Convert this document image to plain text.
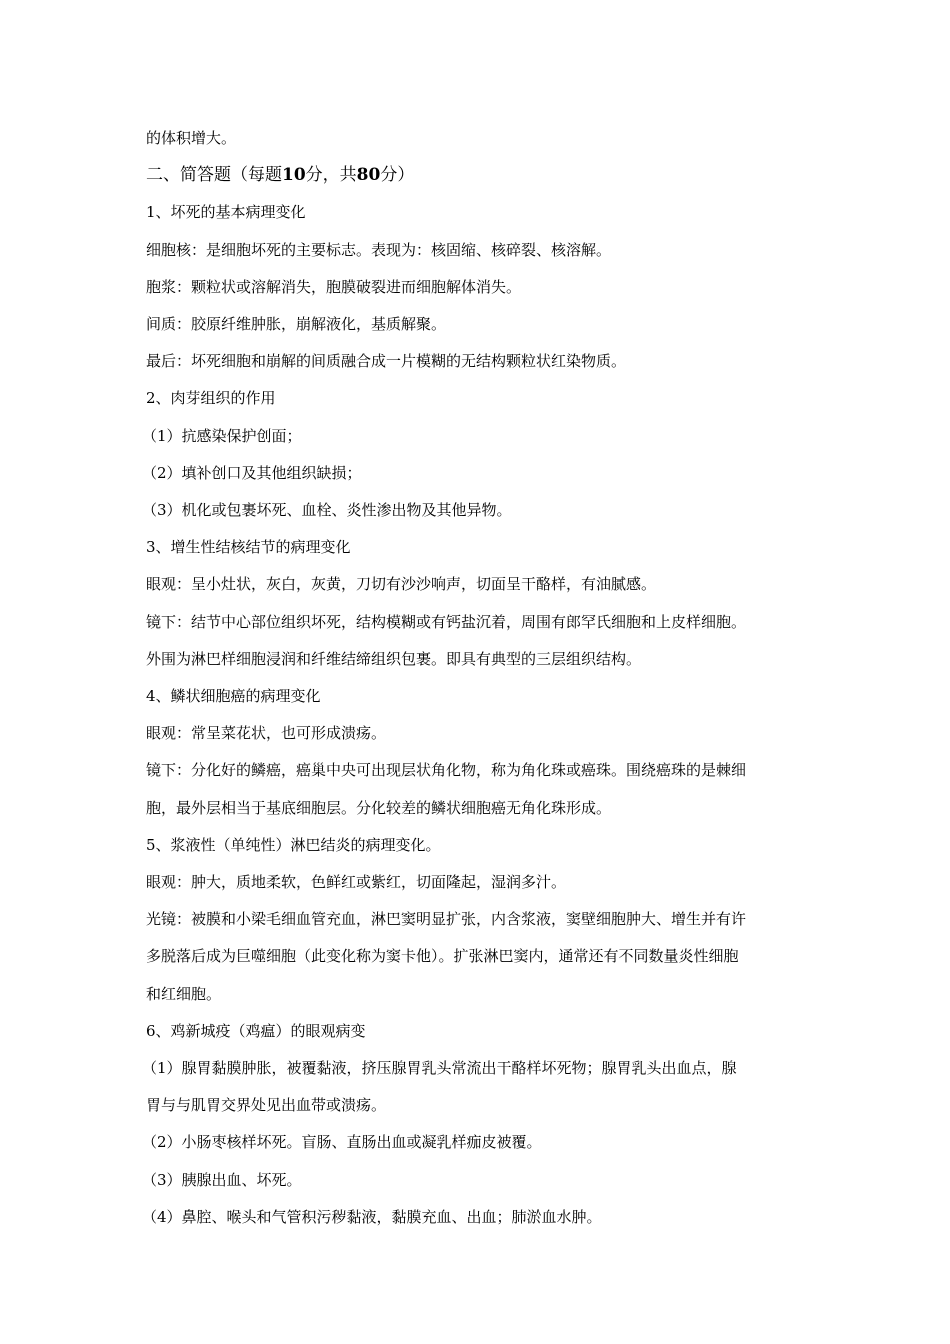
的体积增大。

二、简答题（每题10分，共80分）

1、坏死的基本病理变化

细胞核：是细胞坏死的主要标志。表现为：核固缩、核碎裂、核溶解。

胞浆：颗粒状或溶解消失，胞膜破裂进而细胞解体消失。

间质：胶原纤维肿胀，崩解液化，基质解聚。

最后：坏死细胞和崩解的间质融合成一片模糊的无结构颗粒状红染物质。

2、肉芽组织的作用

（1）抗感染保护创面；

（2）填补创口及其他组织缺损；

（3）机化或包裹坏死、血栓、炎性渗出物及其他异物。

3、增生性结核结节的病理变化

眼观：呈小灶状，灰白，灰黄，刀切有沙沙响声，切面呈干酪样，有油腻感。

镜下：结节中心部位组织坏死，结构模糊或有钙盐沉着，周围有郎罕氏细胞和上皮样细胞。

外围为淋巴样细胞浸润和纤维结缔组织包裹。即具有典型的三层组织结构。

4、鳞状细胞癌的病理变化

眼观：常呈菜花状，也可形成溃疡。

镜下：分化好的鳞癌，癌巢中央可出现层状角化物，称为角化珠或癌珠。围绕癌珠的是棘细

胞，最外层相当于基底细胞层。分化较差的鳞状细胞癌无角化珠形成。

5、浆液性（单纯性）淋巴结炎的病理变化。

眼观：肿大，质地柔软，色鲜红或紫红，切面隆起，湿润多汁。

光镜：被膜和小梁毛细血管充血，淋巴窦明显扩张，内含浆液，窦壁细胞肿大、增生并有许

多脱落后成为巨噬细胞（此变化称为窦卡他）。扩张淋巴窦内，通常还有不同数量炎性细胞

和红细胞。

6、鸡新城疫（鸡瘟）的眼观病变

（1）腺胃黏膜肿胀，被覆黏液，挤压腺胃乳头常流出干酪样坏死物；腺胃乳头出血点，腺

胃与与肌胃交界处见出血带或溃疡。

（2）小肠枣核样坏死。盲肠、直肠出血或凝乳样痂皮被覆。

（3）胰腺出血、坏死。

（4）鼻腔、喉头和气管积污秽黏液，黏膜充血、出血；肺淤血水肿。
